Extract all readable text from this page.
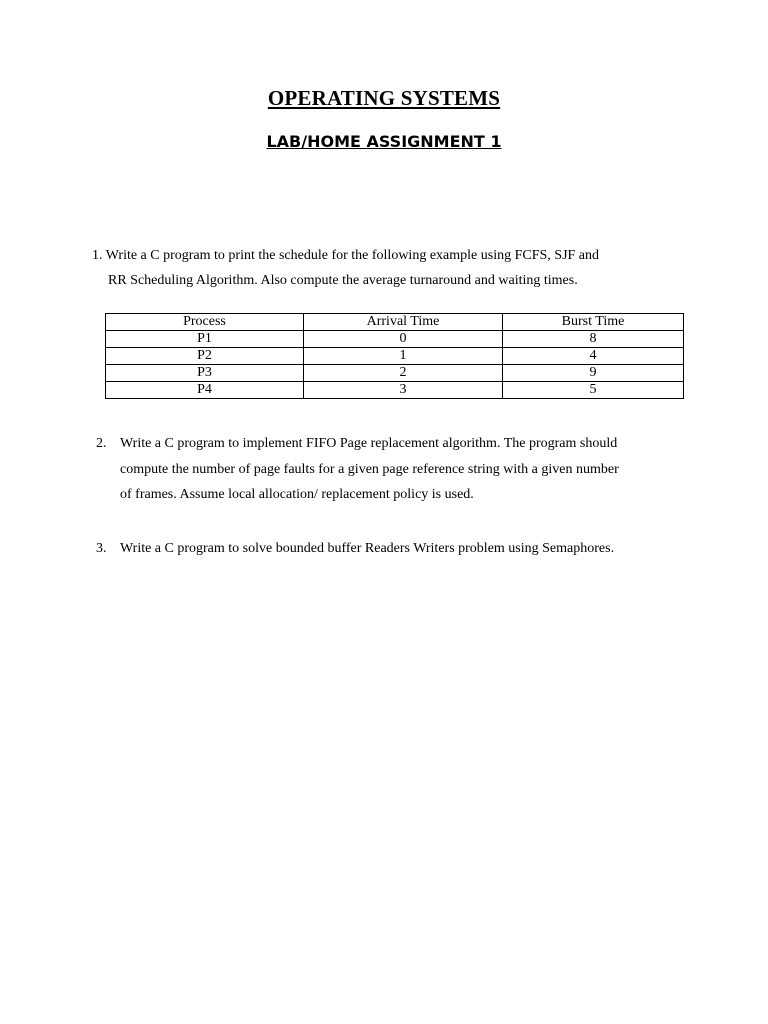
OPERATING SYSTEMS
LAB/HOME ASSIGNMENT 1
1. Write a C program to print the schedule for the following example using FCFS, SJF and
RR Scheduling Algorithm. Also compute the average turnaround and waiting times.
Process	Arrival Time	Burst Time
P1	0	8
P2	1	4
P3	2	9
P4	3	5
2. Write a C program to implement FIFO Page replacement algorithm. The program should
compute the number of page faults for a given page reference string with a given number
of frames. Assume local allocation/ replacement policy is used.
3. Write a C program to solve bounded buffer Readers Writers problem using Semaphores.
